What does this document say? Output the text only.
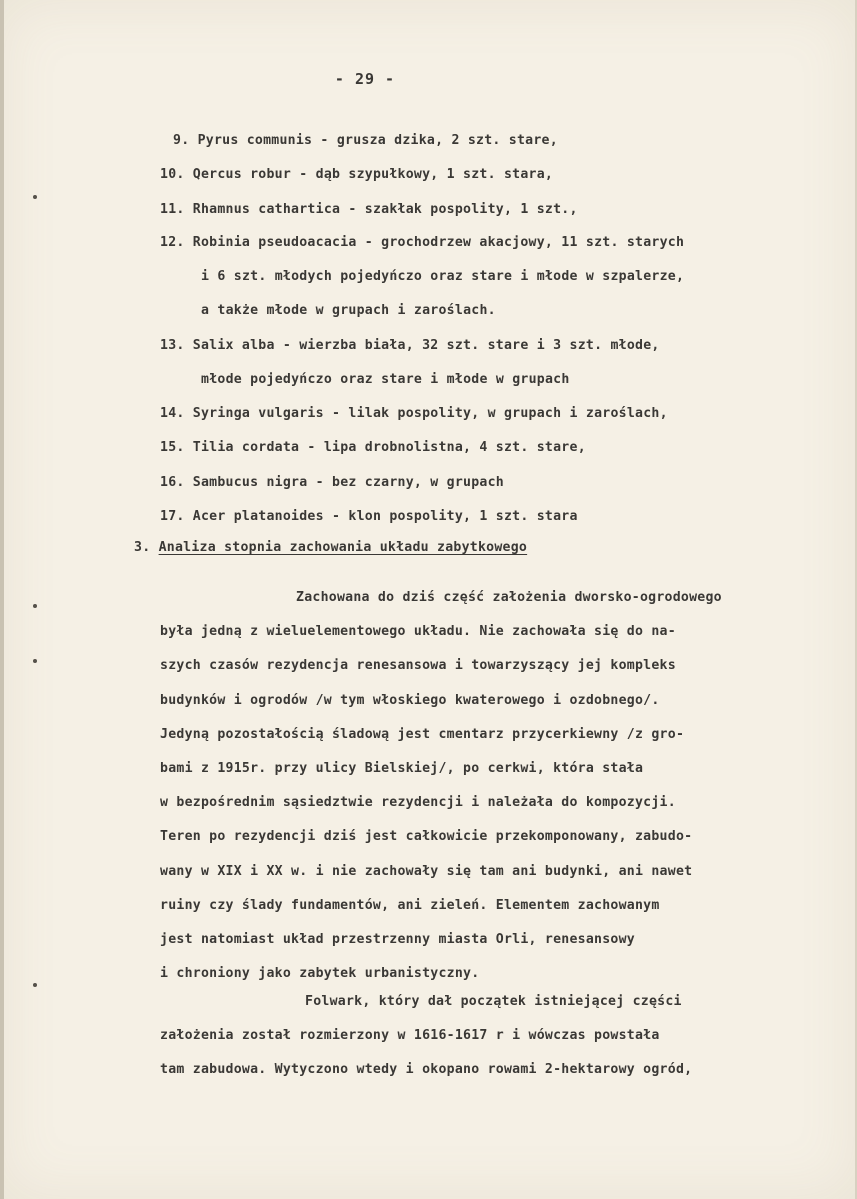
- 29 -
9. Pyrus communis - grusza dzika, 2 szt. stare,
10. Qercus robur - dąb szypułkowy, 1 szt. stara,
11. Rhamnus cathartica - szakłak pospolity, 1 szt.,
12. Robinia pseudoacacia - grochodrzew akacjowy, 11 szt. starych
i 6 szt. młodych pojedyńczo oraz stare i młode w szpalerze,
a także młode w grupach i zaroślach.
13. Salix alba - wierzba biała, 32 szt. stare i 3 szt. młode,
młode pojedyńczo oraz stare i młode w grupach
14. Syringa vulgaris - lilak pospolity, w grupach i zaroślach,
15. Tilia cordata - lipa drobnolistna, 4 szt. stare,
16. Sambucus nigra - bez czarny, w grupach
17. Acer platanoides - klon pospolity, 1 szt. stara
3. Analiza stopnia zachowania układu zabytkowego
Zachowana do dziś część założenia dworsko-ogrodowego
była jedną z wieluelementowego układu. Nie zachowała się do na-
szych czasów rezydencja renesansowa i towarzyszący jej kompleks
budynków i ogrodów /w tym włoskiego kwaterowego i ozdobnego/.
Jedyną pozostałością śladową jest cmentarz przycerkiewny /z gro-
bami z 1915r. przy ulicy Bielskiej/, po cerkwi, która stała
w bezpośrednim sąsiedztwie rezydencji i należała do kompozycji.
Teren po rezydencji dziś jest całkowicie przekomponowany, zabudo-
wany w XIX i XX w. i nie zachowały się tam ani budynki, ani nawet
ruiny czy ślady fundamentów, ani zieleń. Elementem zachowanym
jest natomiast układ przestrzenny miasta Orli, renesansowy
i chroniony jako zabytek urbanistyczny.
Folwark, który dał początek istniejącej części
założenia został rozmierzony w 1616-1617 r i wówczas powstała
tam zabudowa. Wytyczono wtedy i okopano rowami 2-hektarowy ogród,
